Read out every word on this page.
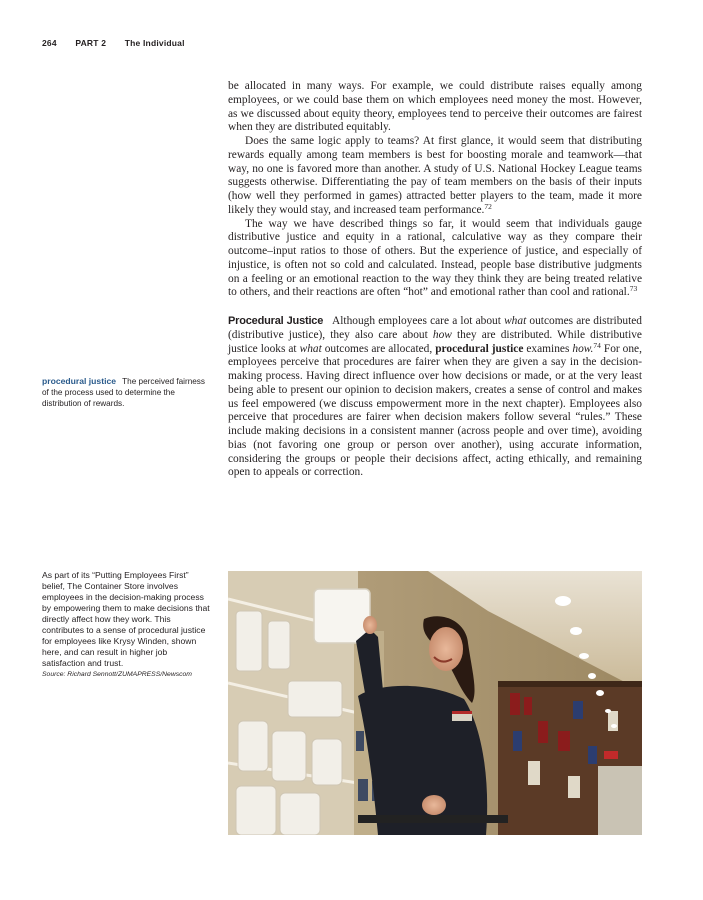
264 PART 2 The Individual

be allocated in many ways. For example, we could distribute raises equally among employees, or we could base them on which employees need money the most. However, as we discussed about equity theory, employees tend to perceive their outcomes are fairest when they are distributed equitably.

Does the same logic apply to teams? At first glance, it would seem that distributing rewards equally among team members is best for boosting morale and teamwork—that way, no one is favored more than another. A study of U.S. National Hockey League teams suggests otherwise. Differentiating the pay of team members on the basis of their inputs (how well they performed in games) attracted better players to the team, made it more likely they would stay, and increased team performance.$^{72}$

The way we have described things so far, it would seem that individuals gauge distributive justice and equity in a rational, calculative way as they compare their outcome–input ratios to those of others. But the experience of justice, and especially of injustice, is often not so cold and calculated. Instead, people base distributive judgments on a feeling or an emotional reaction to the way they think they are being treated relative to others, and their reactions are often “hot” and emotional rather than cool and rational.$^{73}$

Procedural Justice Although employees care a lot about what outcomes are distributed (distributive justice), they also care about how they are distributed. While distributive justice looks at what outcomes are allocated, procedural justice examines how.$^{74}$ For one, employees perceive that procedures are fairer when they are given a say in the decision-making process. Having direct influence over how decisions or made, or at the very least being able to present our opinion to decision makers, creates a sense of control and makes us feel empowered (we discuss empowerment more in the next chapter). Employees also perceive that procedures are fairer when decision makers follow several “rules.” These include making decisions in a consistent manner (across people and over time), avoiding bias (not favoring one group or person over another), using accurate information, considering the groups or people their decisions affect, acting ethically, and remaining open to appeals or correction.

procedural justice The perceived fairness of the process used to determine the distribution of rewards.
As part of its “Putting Employees First” belief, The Container Store involves employees in the decision-making process by empowering them to make decisions that directly affect how they work. This contributes to a sense of procedural justice for employees like Krysy Winden, shown here, and can result in higher job satisfaction and trust.
Source: Richard Sennott/ZUMAPRESS/Newscom
